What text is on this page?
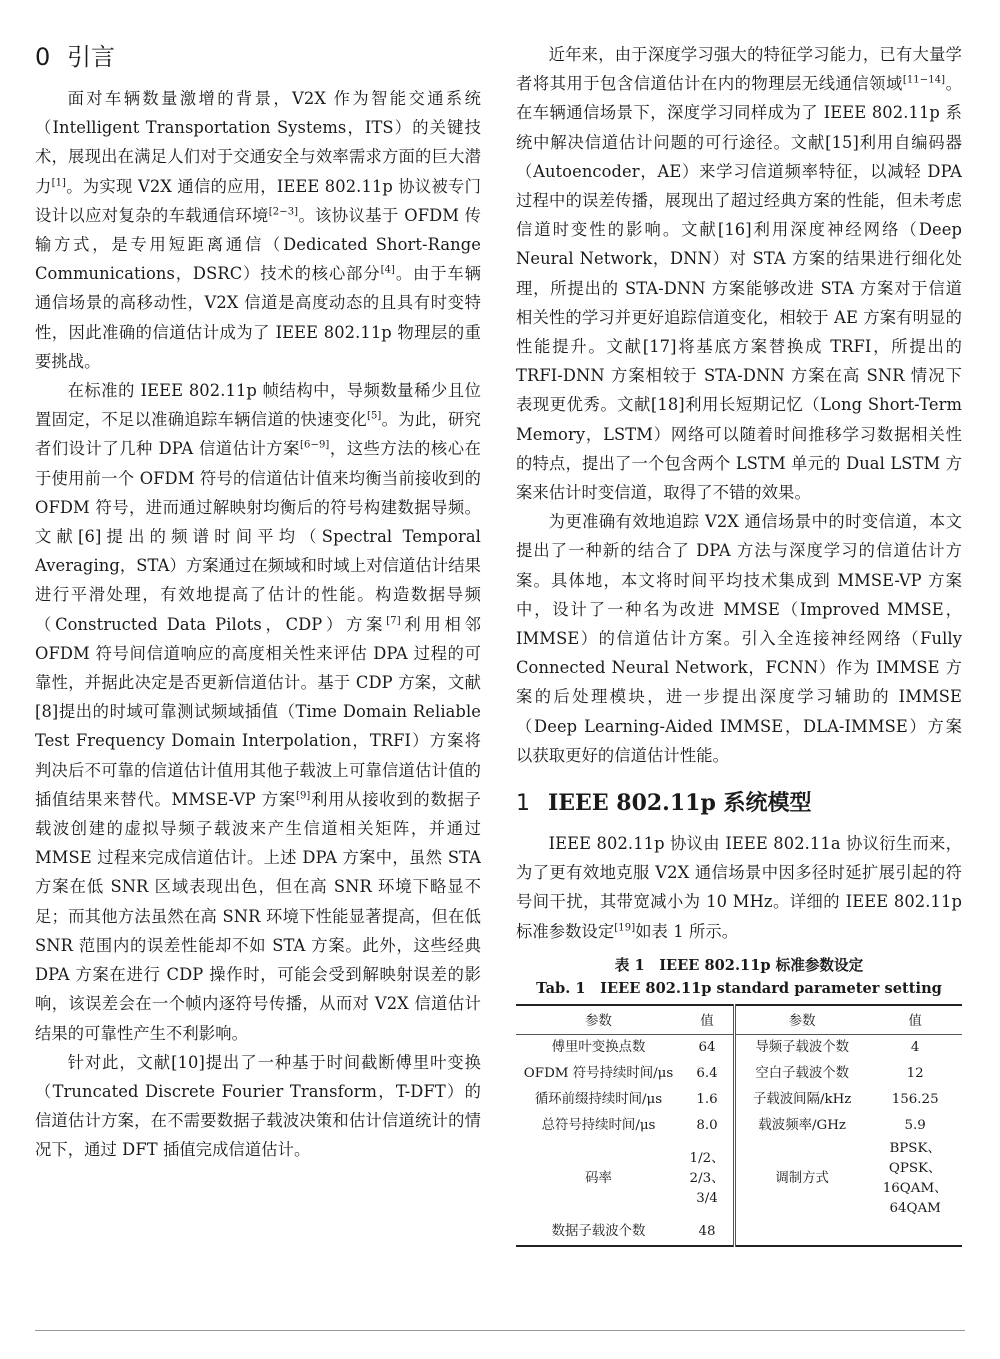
0 引言

面对车辆数量激增的背景，V2X 作为智能交通系统（Intelligent Transportation Systems，ITS）的关键技术，展现出在满足人们对于交通安全与效率需求方面的巨大潜力[1]。为实现 V2X 通信的应用，IEEE 802.11p 协议被专门设计以应对复杂的车载通信环境[2−3]。该协议基于 OFDM 传输方式，是专用短距离通信（Dedicated Short-Range Communications，DSRC）技术的核心部分[4]。由于车辆通信场景的高移动性，V2X 信道是高度动态的且具有时变特性，因此准确的信道估计成为了 IEEE 802.11p 物理层的重要挑战。

在标准的 IEEE 802.11p 帧结构中，导频数量稀少且位置固定，不足以准确追踪车辆信道的快速变化[5]。为此，研究者们设计了几种 DPA 信道估计方案[6−9]，这些方法的核心在于使用前一个 OFDM 符号的信道估计值来均衡当前接收到的 OFDM 符号，进而通过解映射均衡后的符号构建数据导频。文献[6]提出的频谱时间平均（Spectral Temporal Averaging，STA）方案通过在频域和时域上对信道估计结果进行平滑处理，有效地提高了估计的性能。构造数据导频（Constructed Data Pilots，CDP）方案[7]利用相邻 OFDM 符号间信道响应的高度相关性来评估 DPA 过程的可靠性，并据此决定是否更新信道估计。基于 CDP 方案，文献[8]提出的时域可靠测试频域插值（Time Domain Reliable Test Frequency Domain Interpolation，TRFI）方案将判决后不可靠的信道估计值用其他子载波上可靠信道估计值的插值结果来替代。MMSE-VP 方案[9]利用从接收到的数据子载波创建的虚拟导频子载波来产生信道相关矩阵，并通过 MMSE 过程来完成信道估计。上述 DPA 方案中，虽然 STA 方案在低 SNR 区域表现出色，但在高 SNR 环境下略显不足；而其他方法虽然在高 SNR 环境下性能显著提高，但在低 SNR 范围内的误差性能却不如 STA 方案。此外，这些经典 DPA 方案在进行 CDP 操作时，可能会受到解映射误差的影响，该误差会在一个帧内逐符号传播，从而对 V2X 信道估计结果的可靠性产生不利影响。

针对此，文献[10]提出了一种基于时间截断傅里叶变换（Truncated Discrete Fourier Transform，T-DFT）的信道估计方案，在不需要数据子载波决策和估计信道统计的情况下，通过 DFT 插值完成信道估计。

近年来，由于深度学习强大的特征学习能力，已有大量学者将其用于包含信道估计在内的物理层无线通信领域[11−14]。在车辆通信场景下，深度学习同样成为了 IEEE 802.11p 系统中解决信道估计问题的可行途径。文献[15]利用自编码器（Autoencoder，AE）来学习信道频率特征，以减轻 DPA 过程中的误差传播，展现出了超过经典方案的性能，但未考虑信道时变性的影响。文献[16]利用深度神经网络（Deep Neural Network，DNN）对 STA 方案的结果进行细化处理，所提出的 STA-DNN 方案能够改进 STA 方案对于信道相关性的学习并更好追踪信道变化，相较于 AE 方案有明显的性能提升。文献[17]将基底方案替换成 TRFI，所提出的 TRFI-DNN 方案相较于 STA-DNN 方案在高 SNR 情况下表现更优秀。文献[18]利用长短期记忆（Long Short-Term Memory，LSTM）网络可以随着时间推移学习数据相关性的特点，提出了一个包含两个 LSTM 单元的 Dual LSTM 方案来估计时变信道，取得了不错的效果。

为更准确有效地追踪 V2X 通信场景中的时变信道，本文提出了一种新的结合了 DPA 方法与深度学习的信道估计方案。具体地，本文将时间平均技术集成到 MMSE-VP 方案中，设计了一种名为改进 MMSE（Improved MMSE，IMMSE）的信道估计方案。引入全连接神经网络（Fully Connected Neural Network，FCNN）作为 IMMSE 方案的后处理模块，进一步提出深度学习辅助的 IMMSE（Deep Learning-Aided IMMSE，DLA-IMMSE）方案以获取更好的信道估计性能。

1 IEEE 802.11p 系统模型

IEEE 802.11p 协议由 IEEE 802.11a 协议衍生而来，为了更有效地克服 V2X 通信场景中因多径时延扩展引起的符号间干扰，其带宽减小为 10 MHz。详细的 IEEE 802.11p 标准参数设定[19]如表 1 所示。

表 1　IEEE 802.11p 标准参数设定
Tab. 1　IEEE 802.11p standard parameter setting
参数	值	参数	值
傅里叶变换点数	64	导频子载波个数	4
OFDM 符号持续时间/μs	6.4	空白子载波个数	12
循环前缀持续时间/μs	1.6	子载波间隔/kHz	156.25
总符号持续时间/μs	8.0	载波频率/GHz	5.9
码率	1/2、2/3、3/4	调制方式	BPSK、QPSK、16QAM、64QAM
数据子载波个数	48		
